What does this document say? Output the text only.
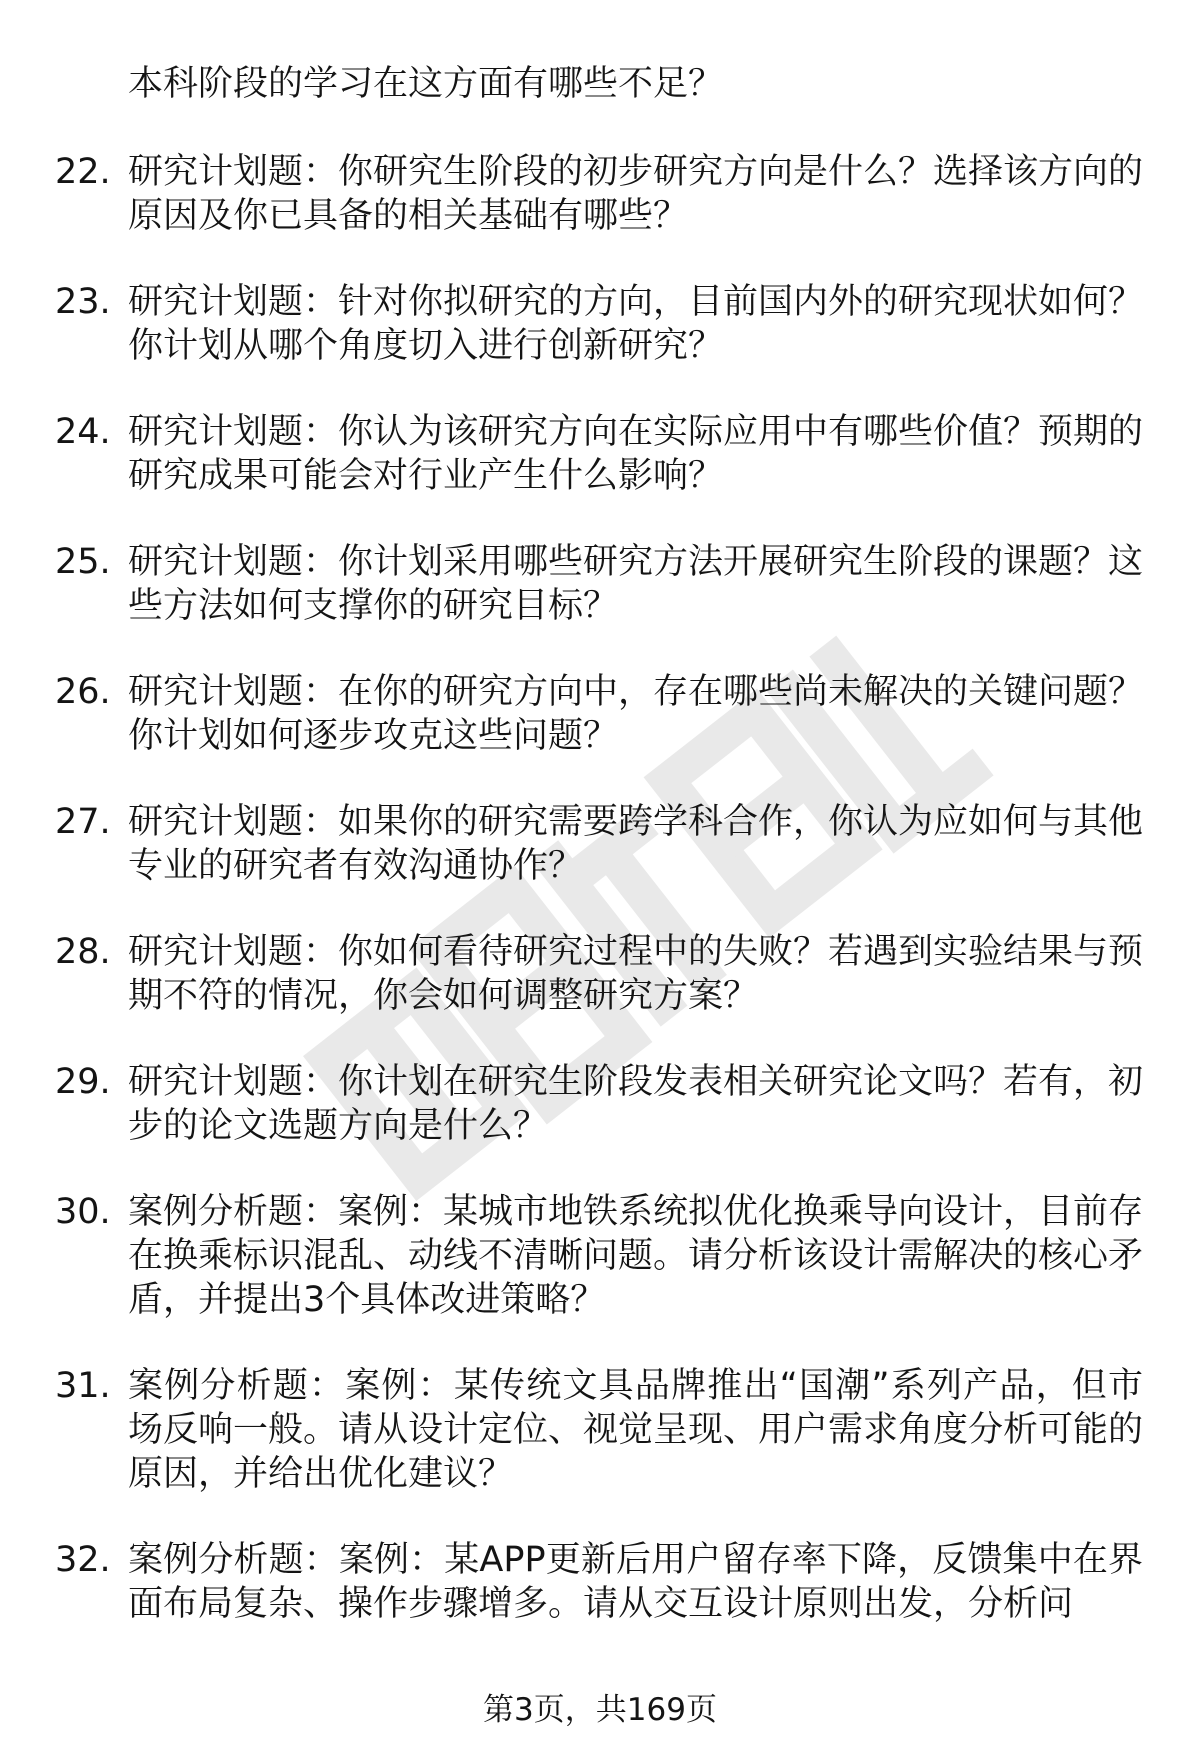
本科阶段的学习在这方面有哪些不足？
22. 研究计划题：你研究生阶段的初步研究方向是什么？选择该方向的原因及你已具备的相关基础有哪些？
23. 研究计划题：针对你拟研究的方向，目前国内外的研究现状如何？你计划从哪个角度切入进行创新研究？
24. 研究计划题：你认为该研究方向在实际应用中有哪些价值？预期的研究成果可能会对行业产生什么影响？
25. 研究计划题：你计划采用哪些研究方法开展研究生阶段的课题？这些方法如何支撑你的研究目标？
26. 研究计划题：在你的研究方向中，存在哪些尚未解决的关键问题？你计划如何逐步攻克这些问题？
27. 研究计划题：如果你的研究需要跨学科合作，你认为应如何与其他专业的研究者有效沟通协作？
28. 研究计划题：你如何看待研究过程中的失败？若遇到实验结果与预期不符的情况，你会如何调整研究方案？
29. 研究计划题：你计划在研究生阶段发表相关研究论文吗？若有，初步的论文选题方向是什么？
30. 案例分析题：案例：某城市地铁系统拟优化换乘导向设计，目前存在换乘标识混乱、动线不清晰问题。请分析该设计需解决的核心矛盾，并提出3个具体改进策略？
31. 案例分析题：案例：某传统文具品牌推出“国潮”系列产品，但市场反响一般。请从设计定位、视觉呈现、用户需求角度分析可能的原因，并给出优化建议？
32. 案例分析题：案例：某APP更新后用户留存率下降，反馈集中在界面布局复杂、操作步骤增多。请从交互设计原则出发，分析问
第3页，共169页
